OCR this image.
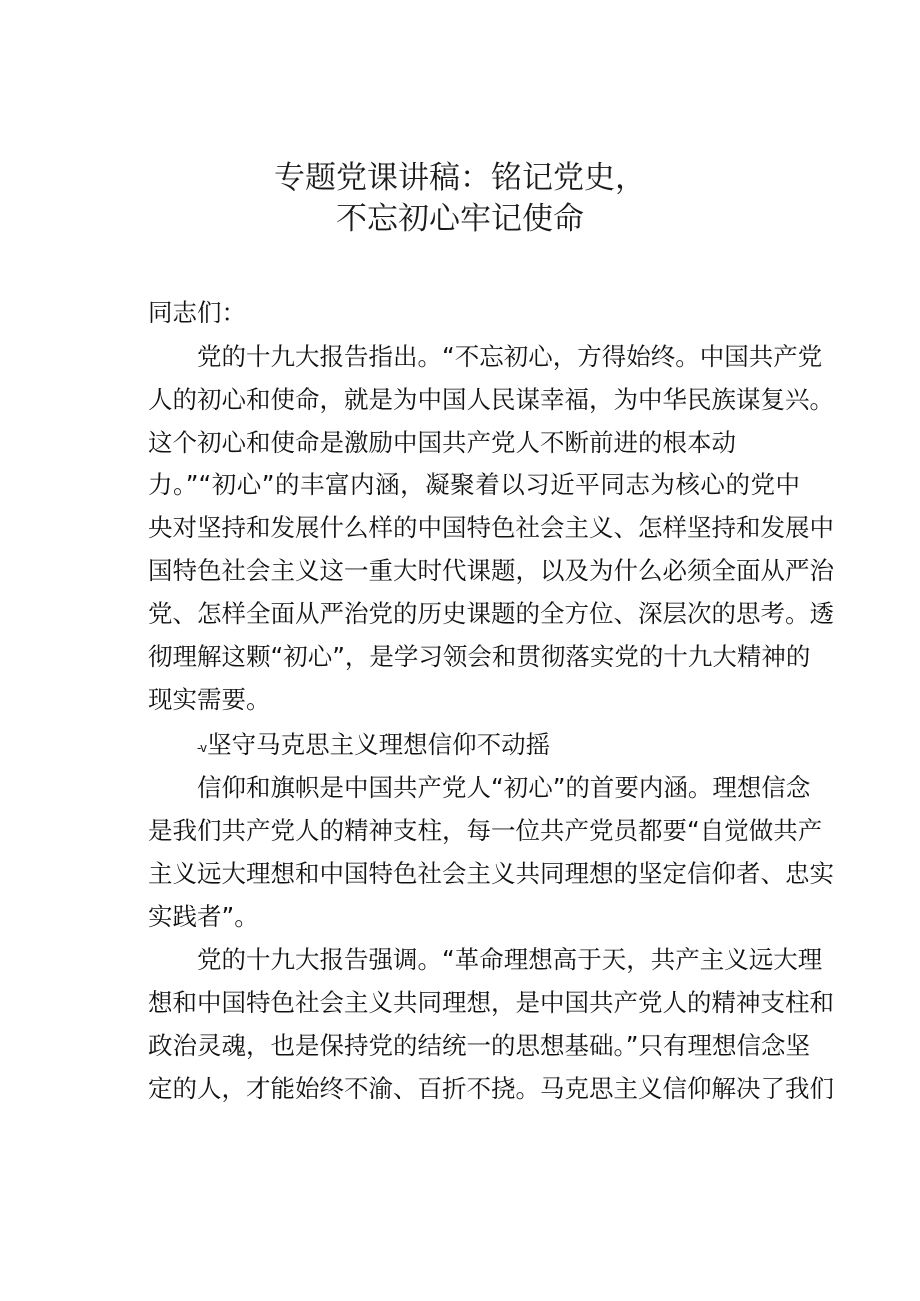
专题党课讲稿：铭记党史，
不忘初心牢记使命
同志们：
党的十九大报告指出。“不忘初心，方得始终。中国共产党
人的初心和使命，就是为中国人民谋幸福，为中华民族谋复兴。
这个初心和使命是激励中国共产党人不断前进的根本动
力。”“初心”的丰富内涵，凝聚着以习近平同志为核心的党中
央对坚持和发展什么样的中国特色社会主义、怎样坚持和发展中
国特色社会主义这一重大时代课题，以及为什么必须全面从严治
党、怎样全面从严治党的历史课题的全方位、深层次的思考。透
彻理解这颗“初心”，是学习领会和贯彻落实党的十九大精神的
现实需要。
-v坚守马克思主义理想信仰不动摇
信仰和旗帜是中国共产党人“初心”的首要内涵。理想信念
是我们共产党人的精神支柱，每一位共产党员都要“自觉做共产
主义远大理想和中国特色社会主义共同理想的坚定信仰者、忠实
实践者”。
党的十九大报告强调。“革命理想高于天，共产主义远大理
想和中国特色社会主义共同理想，是中国共产党人的精神支柱和
政治灵魂，也是保持党的结统一的思想基础。”只有理想信念坚
定的人，才能始终不渝、百折不挠。马克思主义信仰解决了我们
